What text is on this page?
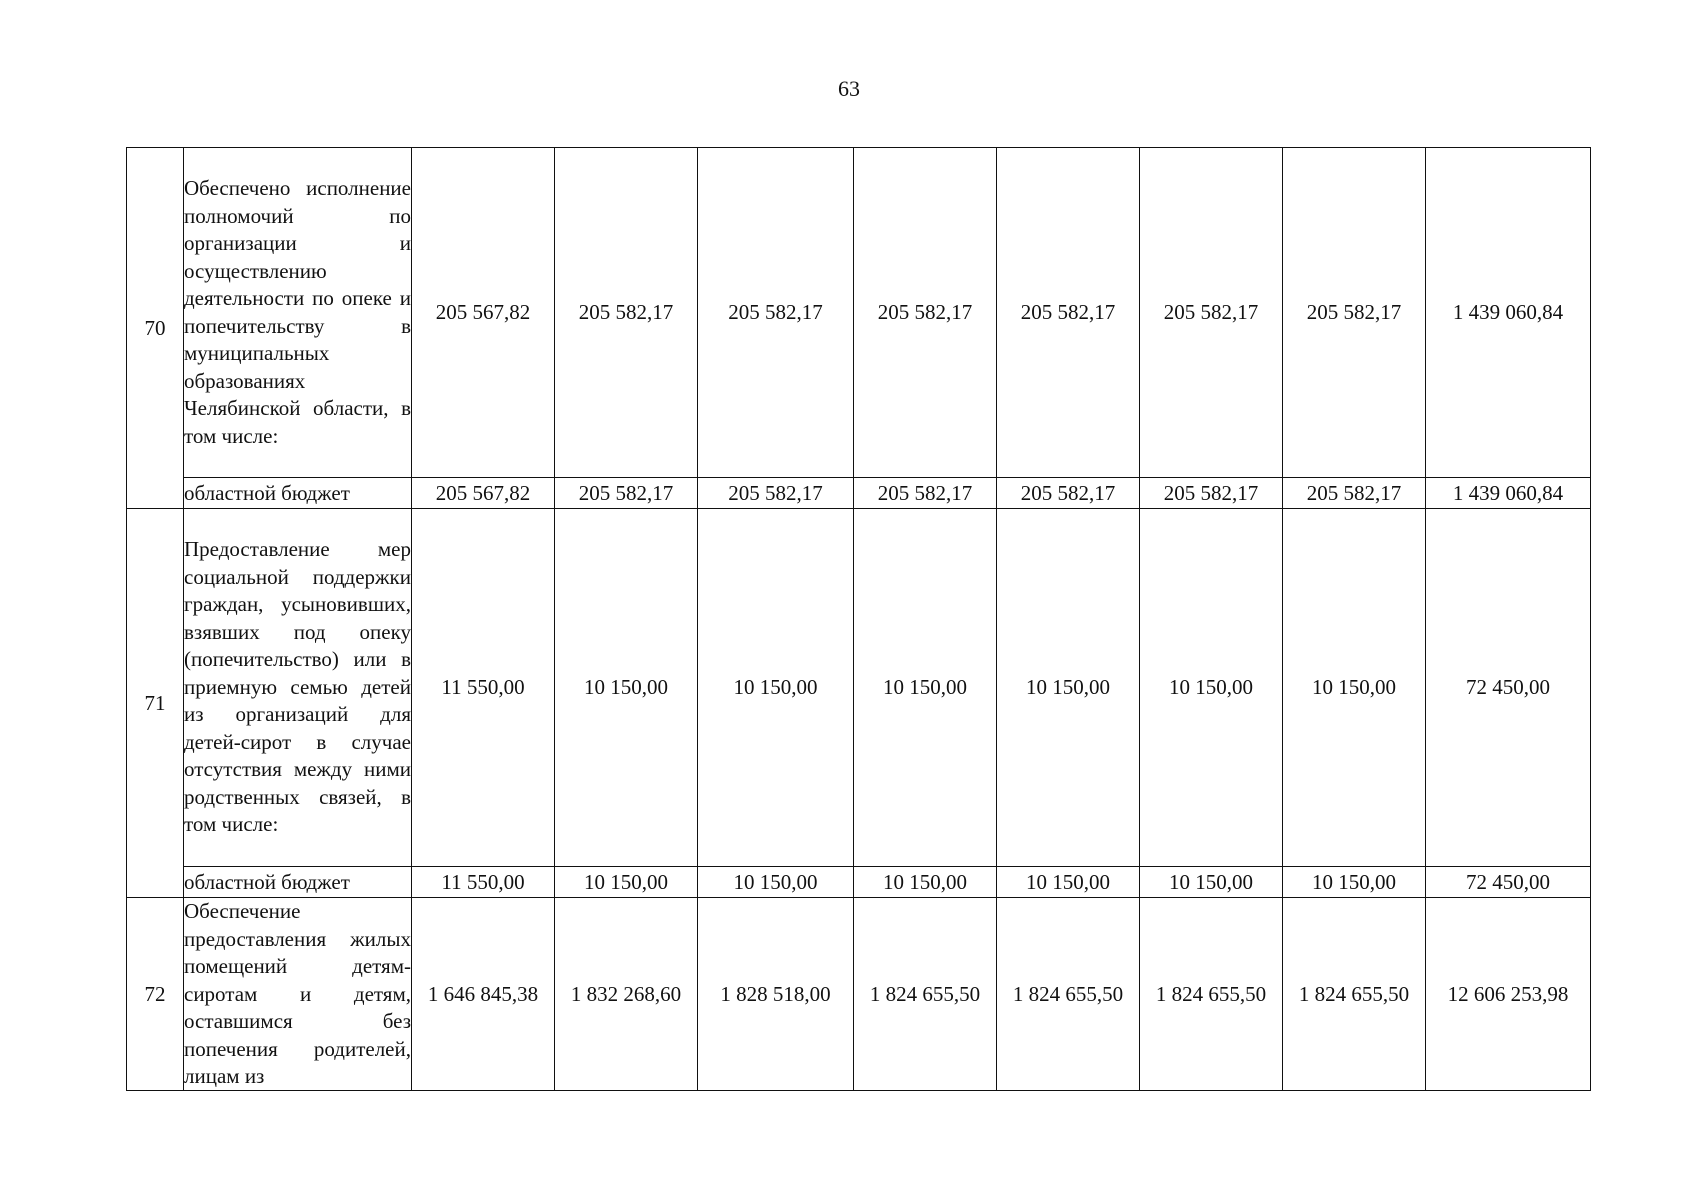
63
70	Обеспечено исполнение полномочий по организации и осуществлению деятельности по опеке и попечительству в муниципальных образованиях Челябинской области, в том числе:	205 567,82	205 582,17	205 582,17	205 582,17	205 582,17	205 582,17	205 582,17	1 439 060,84
	областной бюджет	205 567,82	205 582,17	205 582,17	205 582,17	205 582,17	205 582,17	205 582,17	1 439 060,84
71	Предоставление мер социальной поддержки граждан, усыновивших, взявших под опеку (попечительство) или в приемную семью детей из организаций для детей-сирот в случае отсутствия между ними родственных связей, в том числе:	11 550,00	10 150,00	10 150,00	10 150,00	10 150,00	10 150,00	10 150,00	72 450,00
	областной бюджет	11 550,00	10 150,00	10 150,00	10 150,00	10 150,00	10 150,00	10 150,00	72 450,00
72	Обеспечение предоставления жилых помещений детям-сиротам и детям, оставшимся без попечения родителей, лицам из	1 646 845,38	1 832 268,60	1 828 518,00	1 824 655,50	1 824 655,50	1 824 655,50	1 824 655,50	12 606 253,98
